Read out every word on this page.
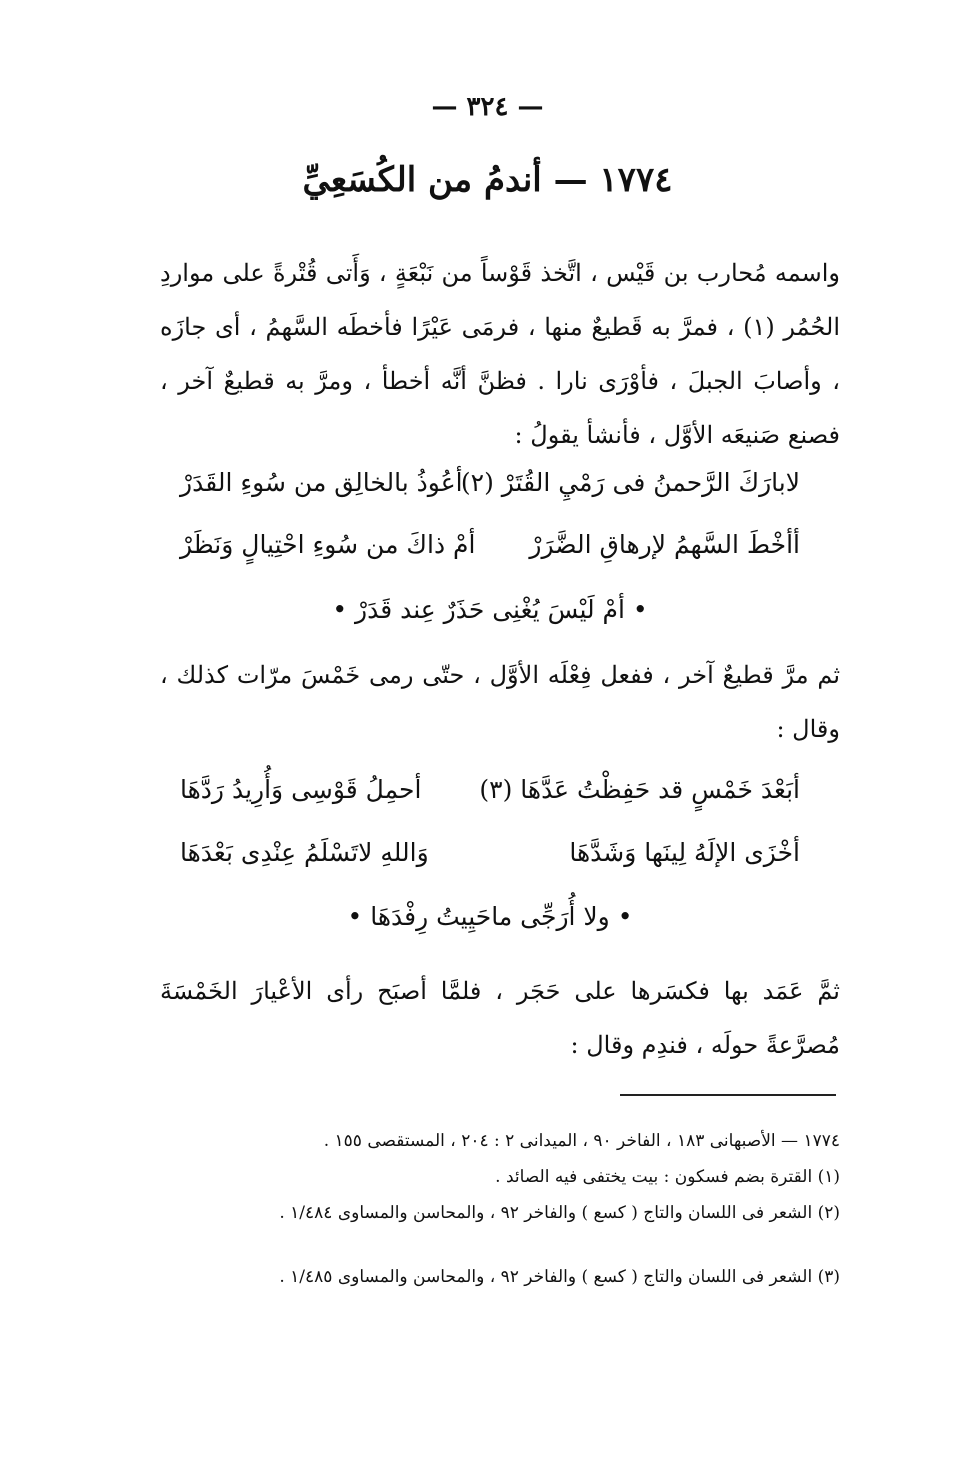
— ٣٢٤ —
١٧٧٤ — أندمُ من الكُسَعِيِّ
واسمه مُحارب بن قَيْس ، اتَّخذ قَوْساً من نَبْعَةٍ ، وَأَتى قُتْرةً على مواردِ الحُمُر (١) ، فمرَّ به قَطيعٌ منها ، فرمَى عَيْرًا فأخطَه السَّهمُ ، أى جازَه ، وأصابَ الجبلَ ، فأوْرَى نارا . فظنَّ أنَّه أخطأ ، ومرَّ به قطيعٌ آخر ، فصنع صَنيعَه الأوَّل ، فأنشأ يقولُ :
لابارَكَ الرَّحمنُ فى رَمْيِ القُتَرْ (٢)
أعُوذُ بالخالِق من سُوءِ القَدَرْ
أأخْطَ السَّهمُ لإرهاقِ الضَّرَرْ
أمْ ذاكَ من سُوءِ احْتِيالٍ وَنَظَرْ
• أمْ لَيْسَ يُغْنِى حَذَرٌ عِند قَدَرْ •
ثم مرَّ قطيعٌ آخر ، ففعل فِعْلَه الأوَّل ، حتّى رمى خَمْسَ مرّات كذلك ، وقال :
أبَعْدَ خَمْسٍ قد حَفِظْتُ عَدَّهَا (٣)
أحمِلُ قَوْسِى وَأُرِيدُ رَدَّهَا
أخْزَى الإلَهُ لِينَها وَشَدَّهَا
وَاللهِ لاتَسْلَمُ عِنْدِى بَعْدَهَا
• ولا أُرَجِّى ماحَيِيتُ رِفْدَهَا •
ثمَّ عَمَد بها فكسَرها على حَجَر ، فلمَّا أصبَح رأى الأعْيارَ الخَمْسَةَ مُصرَّعةً حولَه ، فندِم وقال :
١٧٧٤ — الأصبهانى ١٨٣ ، الفاخر ٩٠ ، الميدانى ٢ : ٢٠٤ ، المستقصى ١٥٥ .
(١) القترة بضم فسكون : بيت يختفى فيه الصائد .
(٢) الشعر فى اللسان والتاج ( كسع ) والفاخر ٩٢ ، والمحاسن والمساوى ١/٤٨٤ .
(٣) الشعر فى اللسان والتاج ( كسع ) والفاخر ٩٢ ، والمحاسن والمساوى ١/٤٨٥ .
